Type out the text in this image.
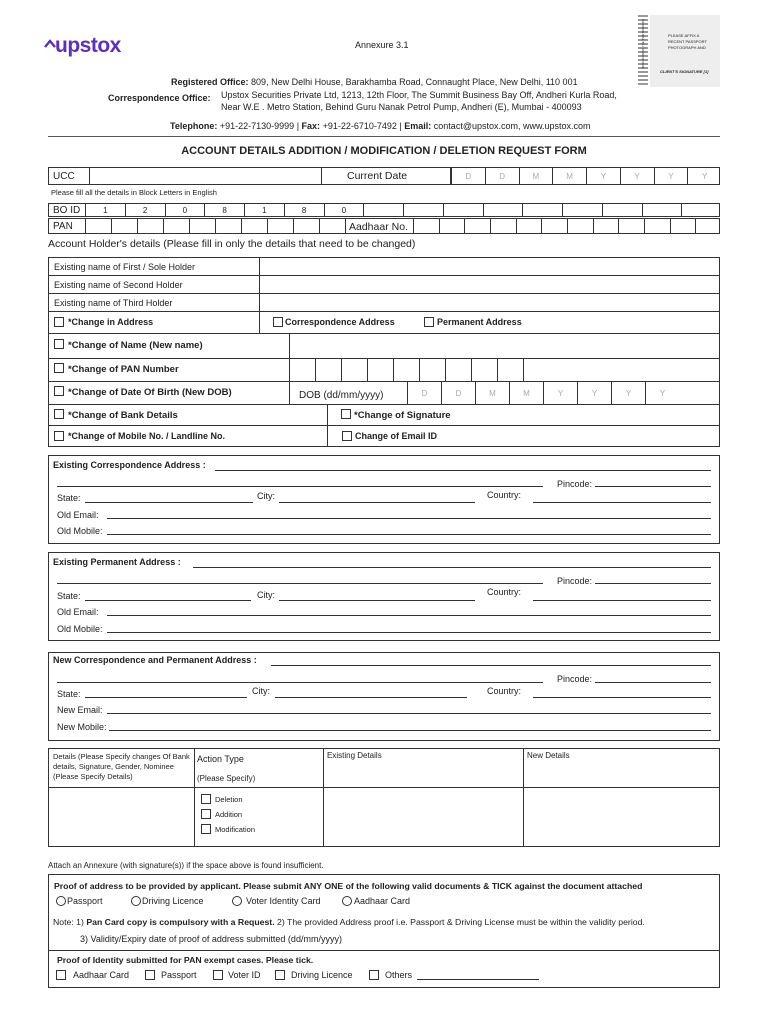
upstox	Annexure 3.1	SIGN ACROSS THE PHOTOGRAPH	PLEASE AFFIX A RECENT PASSPORT PHOTOGRAPH AND
CLIENT'S SIGNATURE [1]
Registered Office: 809, New Delhi House, Barakhamba Road, Connaught Place, New Delhi, 110 001
Correspondence Office: Upstox Securities Private Ltd, 1213, 12th Floor, The Summit Business Bay Off, Andheri Kurla Road,
Near W.E . Metro Station, Behind Guru Nanak Petrol Pump, Andheri (E), Mumbai - 400093
Telephone: +91-22-7130-9999 | Fax: +91-22-6710-7492 | Email: contact@upstox.com, www.upstox.com
ACCOUNT DETAILS ADDITION / MODIFICATION / DELETION REQUEST FORM
UCC	Current Date	D	D	M	M	Y	Y	Y	Y
Please fill all the details in Block Letters in English
BO ID	1	2	0	8	1	8	0
PAN	Aadhaar No.
Account Holder's details (Please fill in only the details that need to be changed)
Existing name of First / Sole Holder
Existing name of Second Holder
Existing name of Third Holder
*Change in Address	Correspondence Address	Permanent Address
*Change of Name (New name)
*Change of PAN Number
*Change of Date Of Birth (New DOB)	DOB (dd/mm/yyyy)	D	D	M	M	Y	Y	Y	Y
*Change of Bank Details	*Change of Signature
*Change of Mobile No. / Landline No.	Change of Email ID
Existing Correspondence Address :
Pincode:
State:	City:	Country:
Old Email:
Old Mobile:
Existing Permanent Address :
Pincode:
State:	City:	Country:
Old Email:
Old Mobile:
New Correspondence and Permanent Address :
Pincode:
State:	City:	Country:
New Email:
New Mobile:
Details (Please Specify changes Of Bank details, Signature, Gender, Nominee (Please Specify Details)
Action Type
(Please Specify)
Existing Details	New Details
Deletion
Addition
Modification
Attach an Annexure (with signature(s)) if the space above is found insufficient.
Proof of address to be provided by applicant. Please submit ANY ONE of the following valid documents & TICK against the document attached
Passport	Driving Licence	Voter Identity Card	Aadhaar Card
Note: 1) Pan Card copy is compulsory with a Request. 2) The provided Address proof i.e. Passport & Driving License must be within the validity period.
3) Validity/Expiry date of proof of address submitted (dd/mm/yyyy)
Proof of Identity submitted for PAN exempt cases. Please tick.
Aadhaar Card	Passport	Voter ID	Driving Licence	Others
